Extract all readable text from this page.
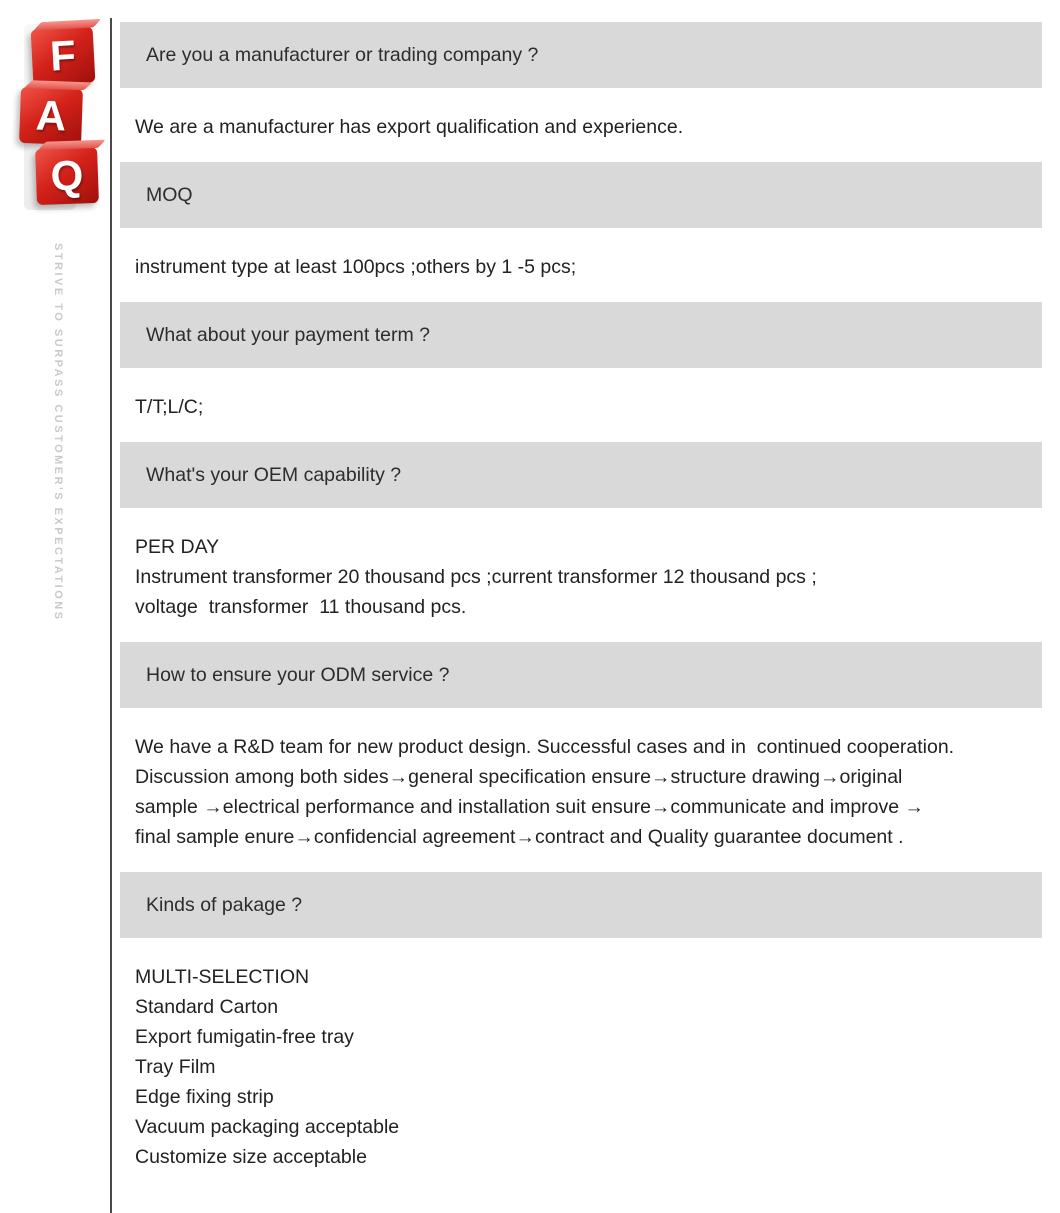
F
A
Q
STRIVE TO SURPASS CUSTOMER'S EXPECTATIONS
Are you a manufacturer or trading company ?
We are a manufacturer has export qualification and experience.
MOQ
instrument type at least 100pcs ;others by 1 -5 pcs;
What about your payment term ?
T/T;L/C;
What's your OEM capability ?
PER DAY
Instrument transformer 20 thousand pcs ;current transformer 12 thousand pcs ;
voltage  transformer  11 thousand pcs.
How to ensure your ODM service ?
We have a R&D team for new product design. Successful cases and in  continued cooperation.
Discussion among both sides→general specification ensure→structure drawing→original
sample →electrical performance and installation suit ensure→communicate and improve →
final sample enure→confidencial agreement→contract and Quality guarantee document .
Kinds of pakage ?
MULTI-SELECTION
Standard Carton
Export fumigatin-free tray
Tray Film
Edge fixing strip
Vacuum packaging acceptable
Customize size acceptable
